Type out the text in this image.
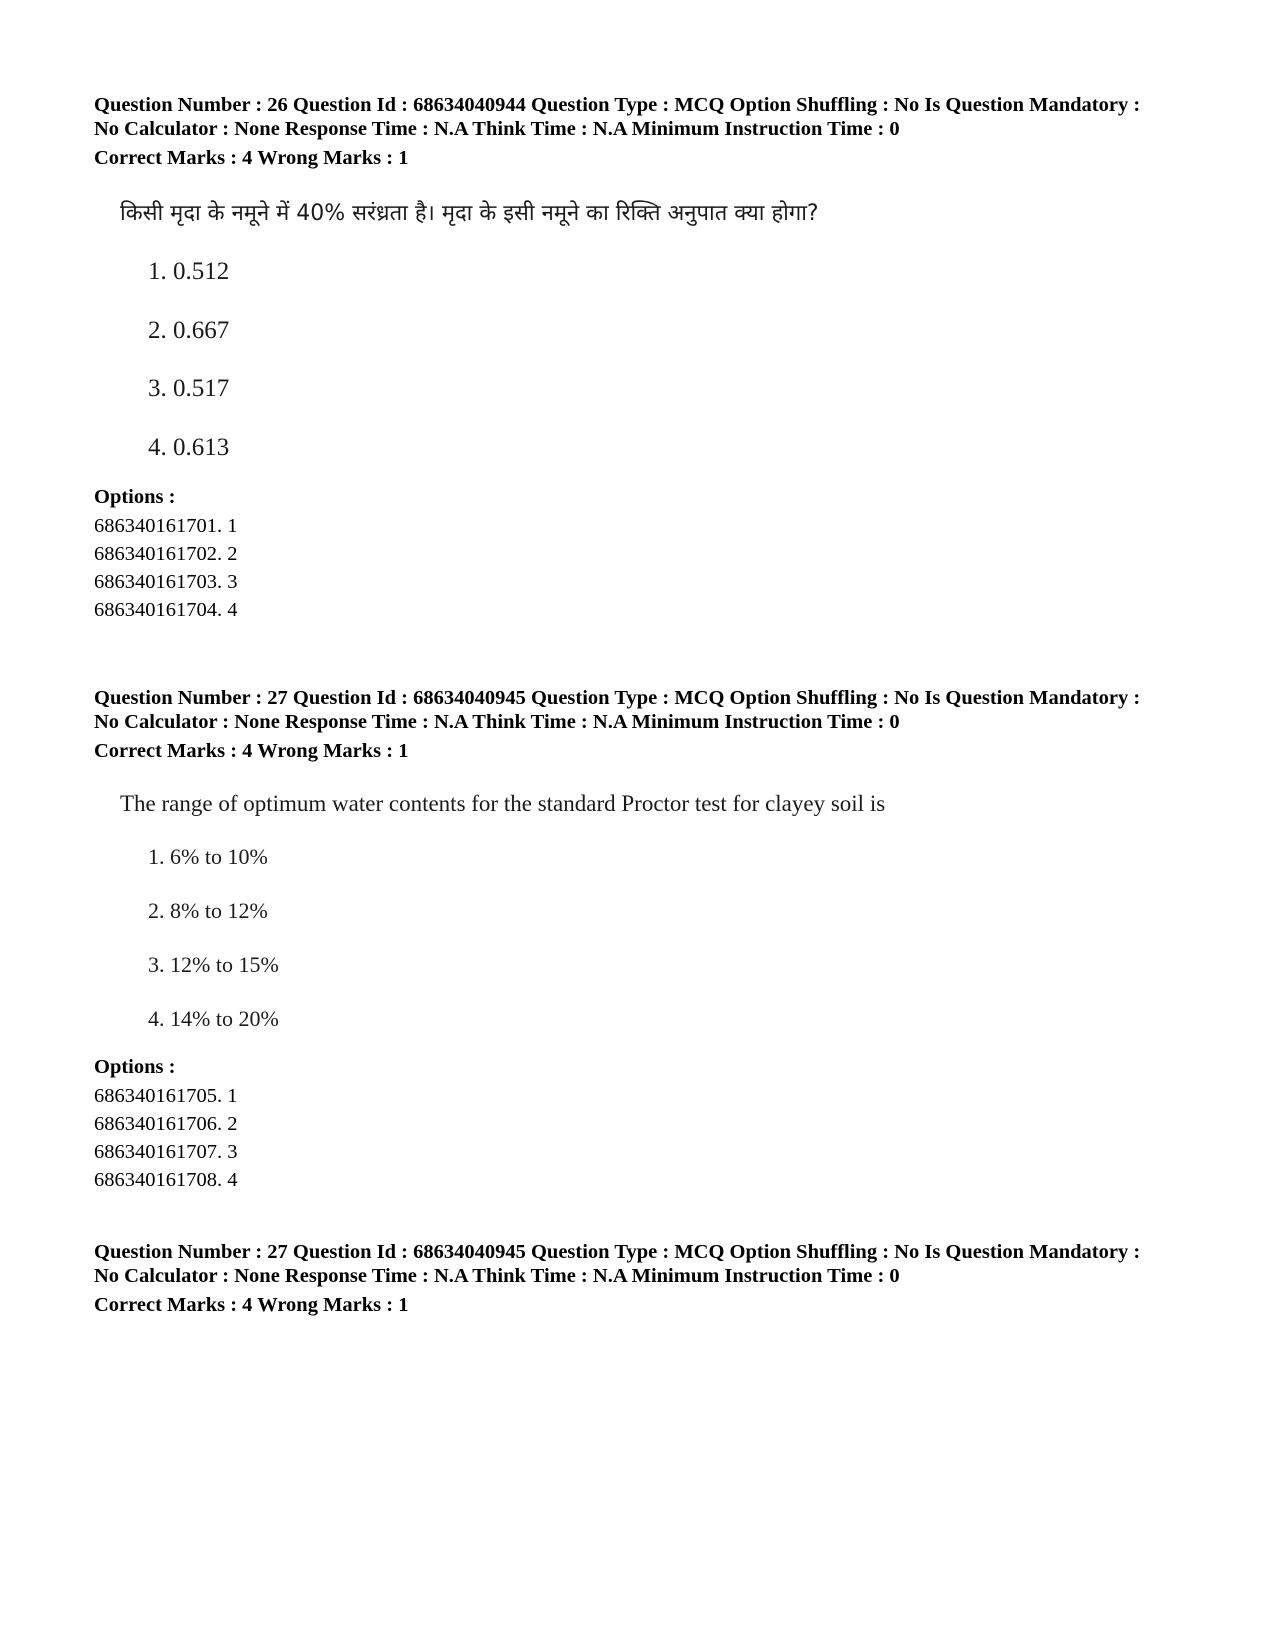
Question Number : 26 Question Id : 68634040944 Question Type : MCQ Option Shuffling : No Is Question Mandatory :

No Calculator : None Response Time : N.A Think Time : N.A Minimum Instruction Time : 0

Correct Marks : 4 Wrong Marks : 1
किसी मृदा के नमूने में 40% सरंध्रता है। मृदा के इसी नमूने का रिक्ति अनुपात क्या होगा?
1. 0.512
2. 0.667
3. 0.517
4. 0.613
Options :
686340161701. 1
686340161702. 2
686340161703. 3
686340161704. 4

Question Number : 27 Question Id : 68634040945 Question Type : MCQ Option Shuffling : No Is Question Mandatory :

No Calculator : None Response Time : N.A Think Time : N.A Minimum Instruction Time : 0

Correct Marks : 4 Wrong Marks : 1
The range of optimum water contents for the standard Proctor test for clayey soil is
1. 6% to 10%
2. 8% to 12%
3. 12% to 15%
4. 14% to 20%
Options :
686340161705. 1
686340161706. 2
686340161707. 3
686340161708. 4

Question Number : 27 Question Id : 68634040945 Question Type : MCQ Option Shuffling : No Is Question Mandatory :

No Calculator : None Response Time : N.A Think Time : N.A Minimum Instruction Time : 0

Correct Marks : 4 Wrong Marks : 1
